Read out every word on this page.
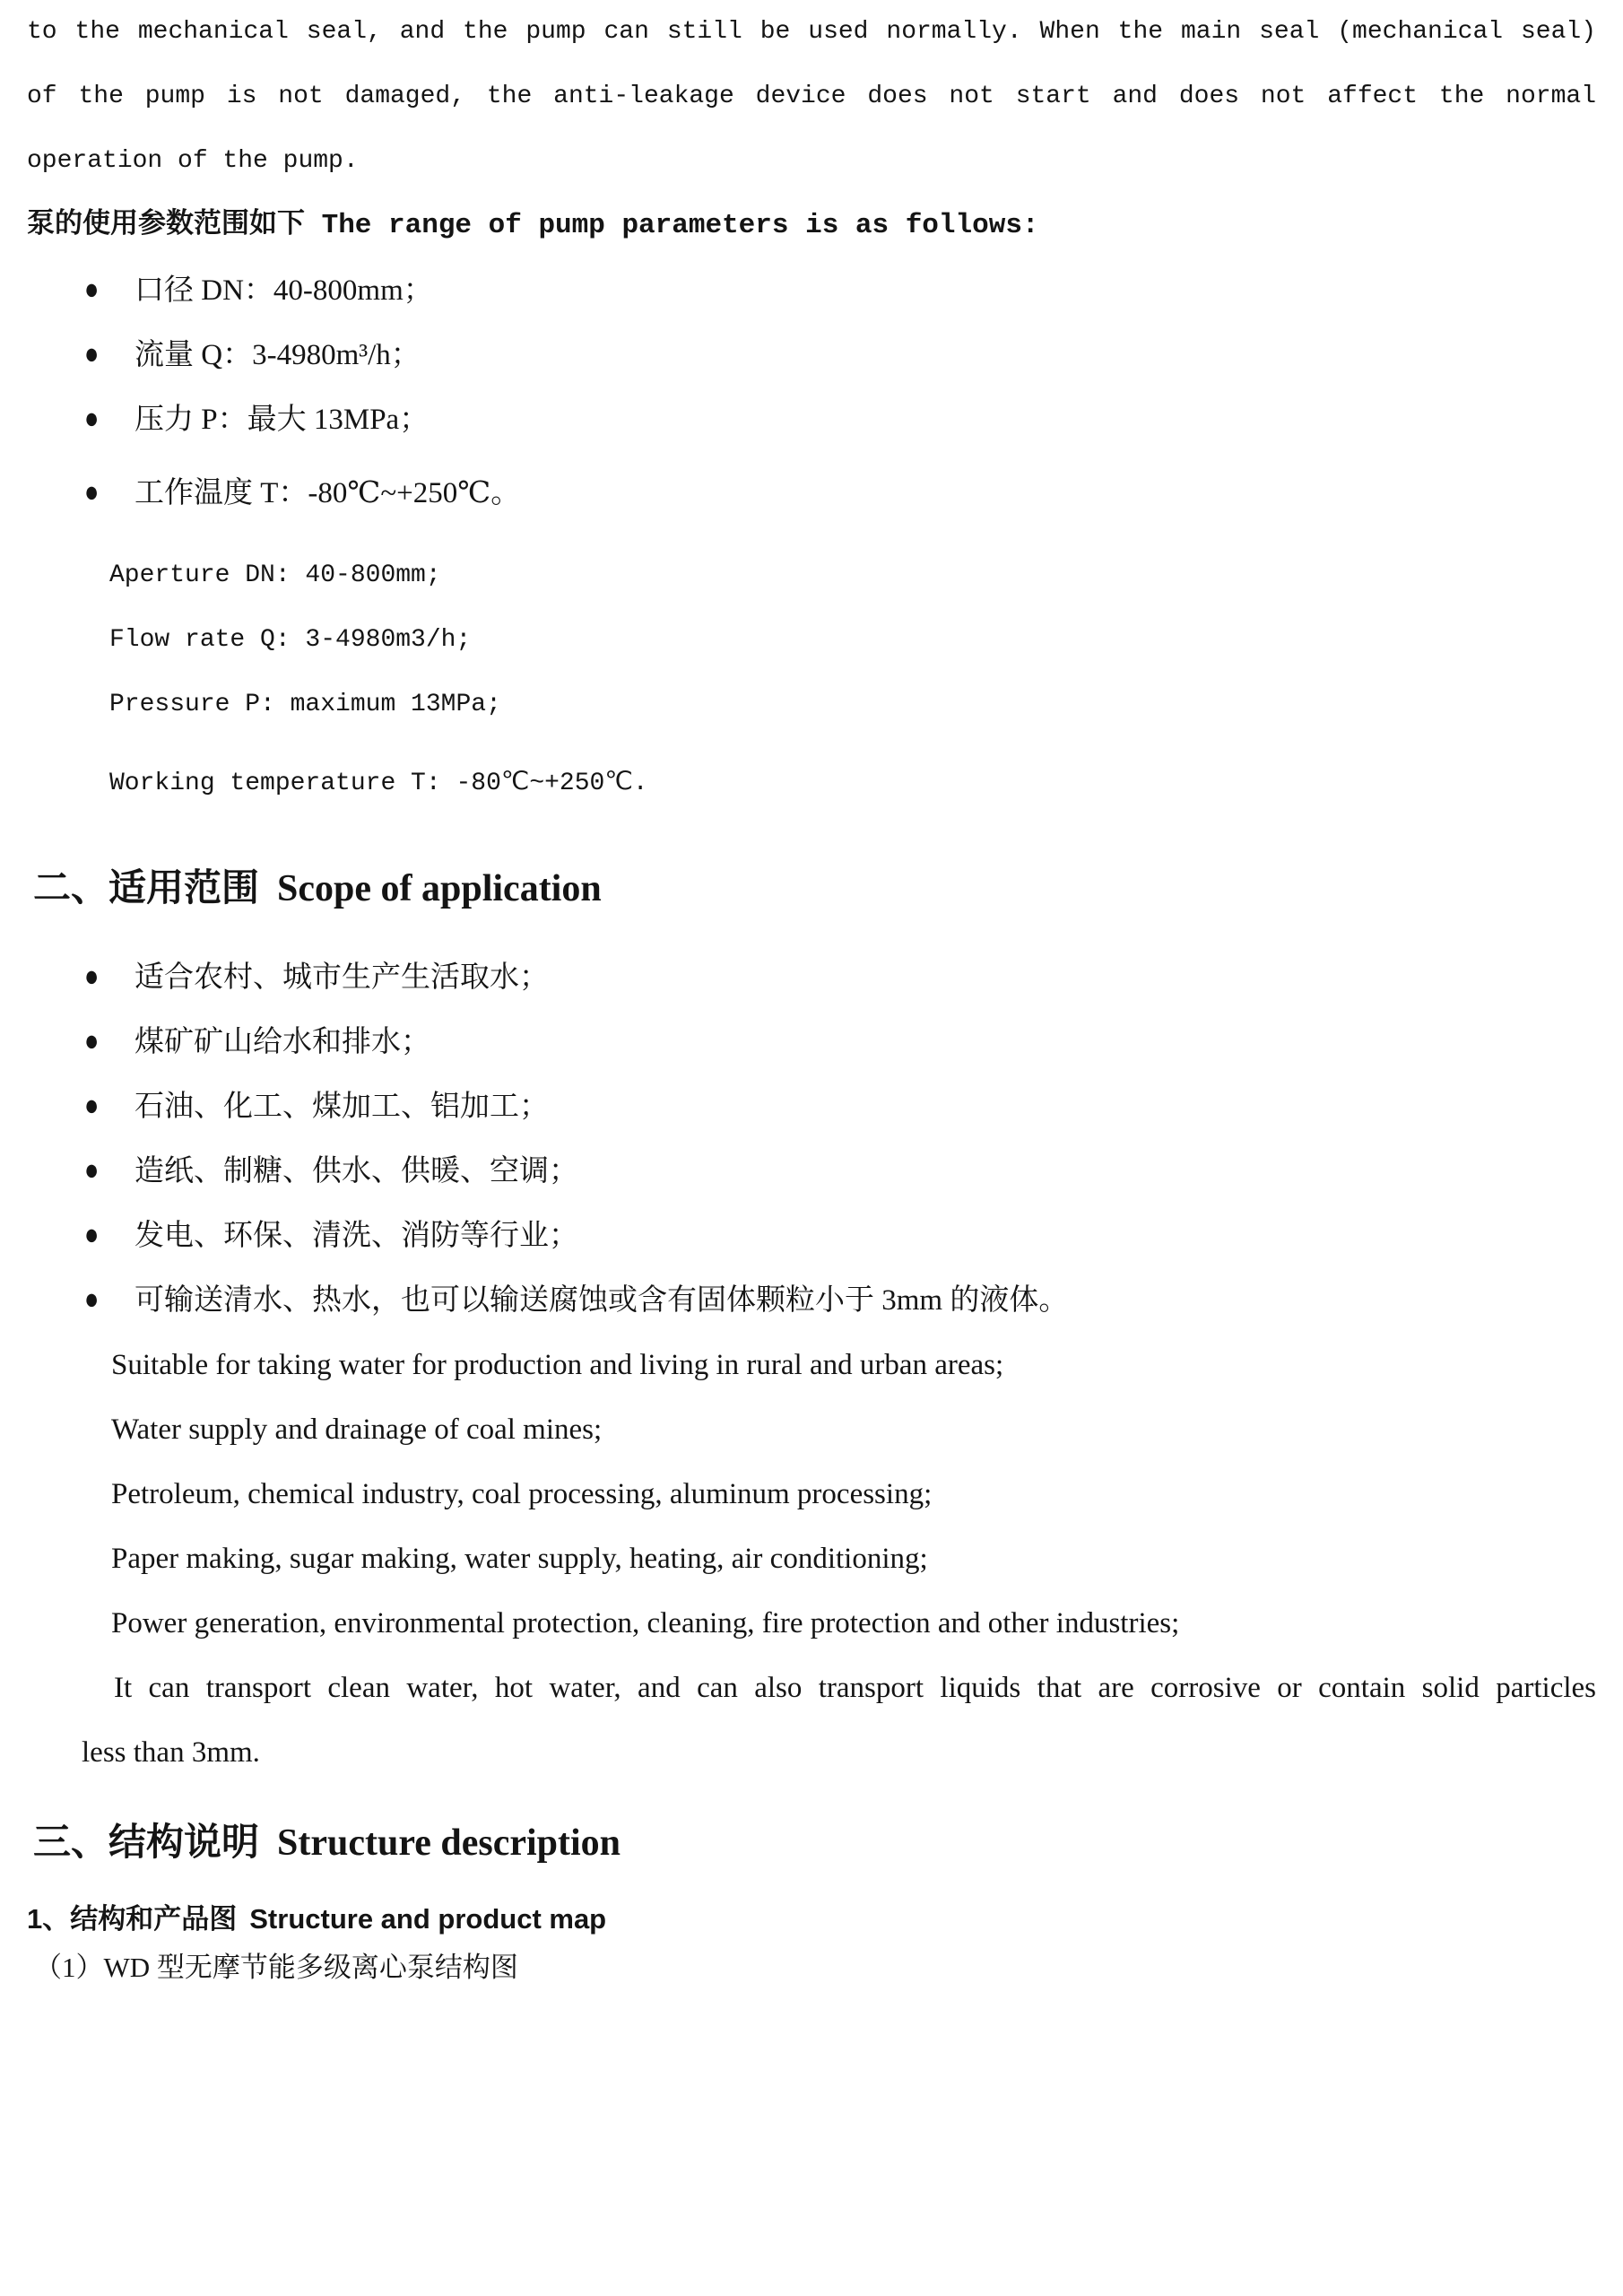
to the mechanical seal, and the pump can still be used normally. When the main seal (mechanical seal)
of the pump is not damaged, the anti-leakage device does not start and does not affect the normal
operation of the pump.

泵的使用参数范围如下 The range of pump parameters is as follows:

● 口径 DN：40-800mm；
● 流量 Q：3-4980m³/h；
● 压力 P：最大 13MPa；
● 工作温度 T：-80℃~+250℃。
Aperture DN: 40-800mm;
Flow rate Q: 3-4980m3/h;
Pressure P: maximum 13MPa;
Working temperature T: -80℃~+250℃.
二、适用范围 Scope of application
● 适合农村、城市生产生活取水；
● 煤矿矿山给水和排水；
● 石油、化工、煤加工、铝加工；
● 造纸、制糖、供水、供暖、空调；
● 发电、环保、清洗、消防等行业；
● 可输送清水、热水，也可以输送腐蚀或含有固体颗粒小于 3mm 的液体。
Suitable for taking water for production and living in rural and urban areas;
Water supply and drainage of coal mines;
Petroleum, chemical industry, coal processing, aluminum processing;
Paper making, sugar making, water supply, heating, air conditioning;
Power generation, environmental protection, cleaning, fire protection and other industries;

It can transport clean water, hot water, and can also transport liquids that are corrosive or contain solid particles
less than 3mm.

三、结构说明 Structure description

1、结构和产品图 Structure and product map

（1）WD 型无摩节能多级离心泵结构图
